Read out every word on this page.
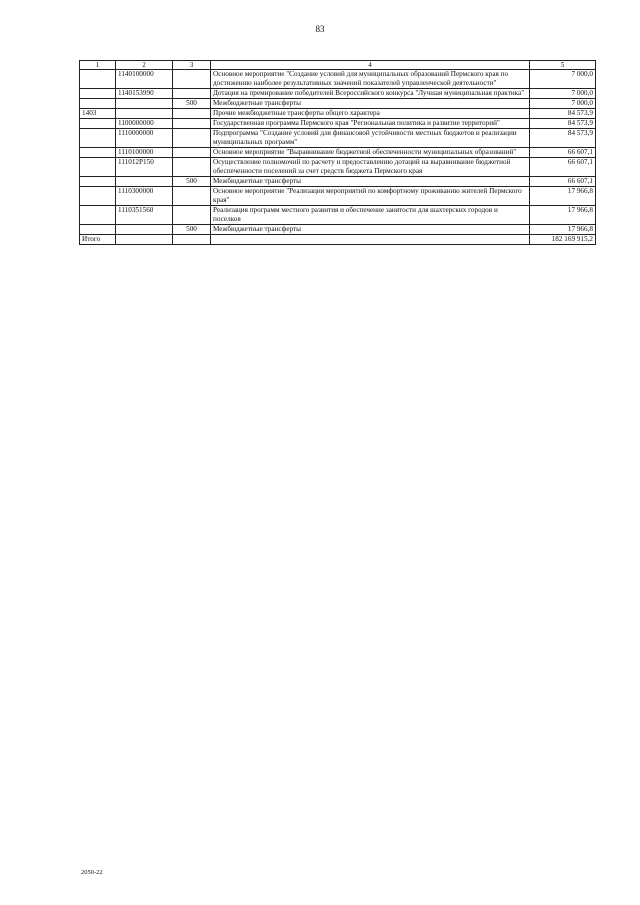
83
1	2	3	4	5
	1140100000		Основное мероприятие "Создание условий для муниципальных образований Пермского края по достижению наиболее результативных значений показателей управленческой деятельности"	7 000,0
	1140153990		Дотация на премирование победителей Всероссийского конкурса "Лучшая муниципальная практика"	7 000,0
		500	Межбюджетные трансферты	7 000,0
1403			Прочие межбюджетные трансферты общего характера	84 573,9
	1100000000		Государственная программа Пермского края "Региональная политика и развитие территорий"	84 573,9
	1110000000		Подпрограмма "Создание условий для финансовой устойчивости местных бюджетов и реализации муниципальных программ"	84 573,9
	1110100000		Основное мероприятие "Выравнивание бюджетной обеспеченности муниципальных образований"	66 607,1
	111012P150		Осуществление полномочий по расчету и предоставлению дотаций на выравнивание бюджетной обеспеченности поселений за счет средств бюджета Пермского края	66 607,1
		500	Межбюджетные трансферты	66 607,1
	1110300000		Основное мероприятие "Реализация мероприятий по комфортному проживанию жителей Пермского края"	17 966,8
	1110351560		Реализация программ местного развития и обеспечение занятости для шахтерских городов и поселков	17 966,8
		500	Межбюджетные трансферты	17 966,8
Итого				182 169 915,2
2050-22
